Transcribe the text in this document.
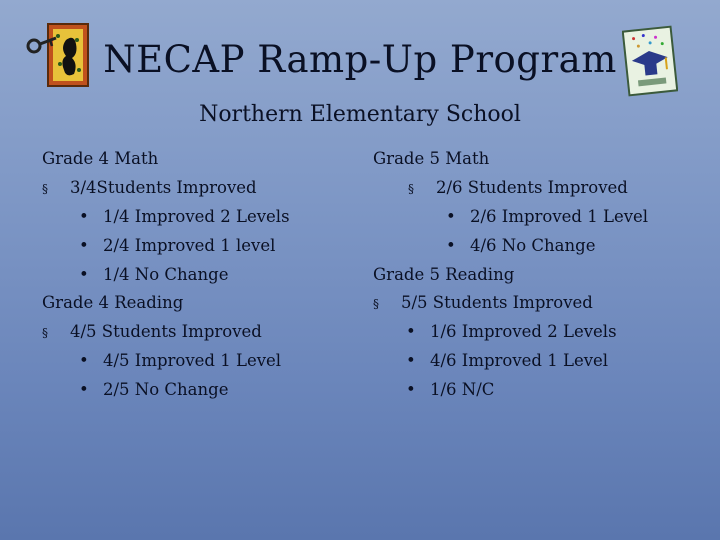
NECAP Ramp-Up Program
Northern Elementary School
Grade 4 Math
§ 3/4Students Improved
• 1/4 Improved 2 Levels
• 2/4 Improved 1 level
• 1/4 No Change
Grade 4 Reading
§ 4/5 Students Improved
• 4/5 Improved 1 Level
• 2/5 No Change
Grade 5 Math
§ 2/6 Students Improved
• 2/6 Improved 1 Level
• 4/6 No Change
Grade 5 Reading
§ 5/5 Students Improved
• 1/6 Improved 2 Levels
• 4/6 Improved 1 Level
• 1/6 N/C
